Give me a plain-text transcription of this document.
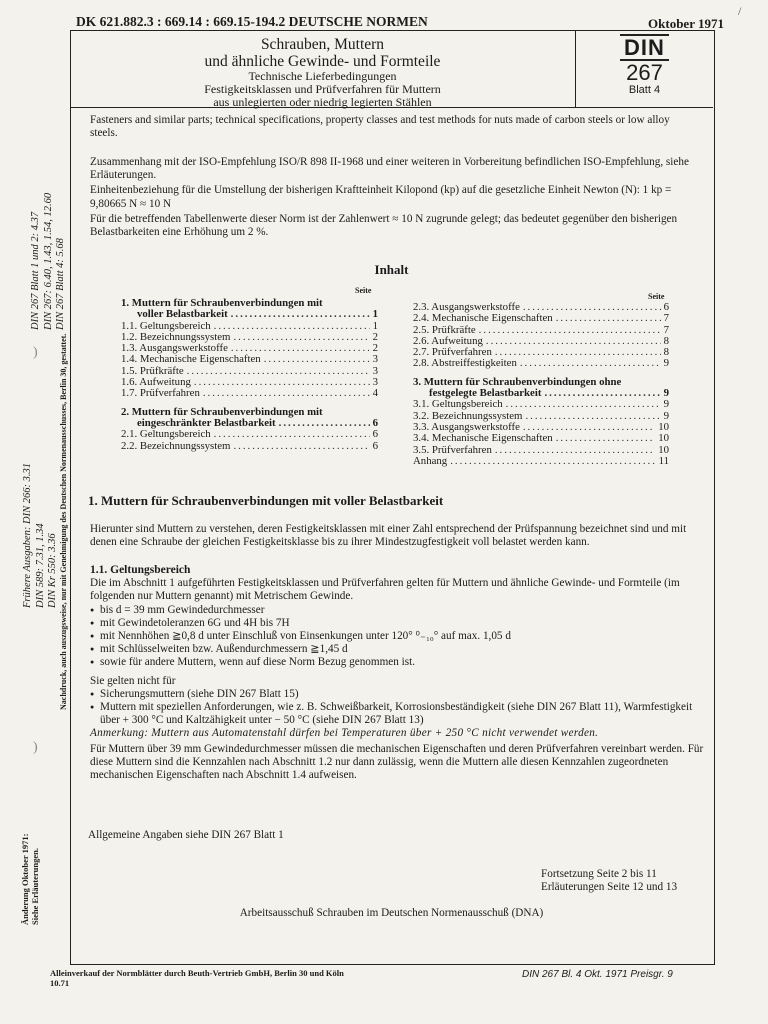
/
DK 621.882.3 : 669.14 : 669.15-194.2 DEUTSCHE NORMEN	Oktober 1971
Schrauben, Muttern
und ähnliche Gewinde- und Formteile
Technische Lieferbedingungen
Festigkeitsklassen und Prüfverfahren für Muttern
aus unlegierten oder niedrig legierten Stählen
DIN
267
Blatt 4
Fasteners and similar parts; technical specifications, property classes and test methods for nuts made of carbon steels or low alloy steels.

Zusammenhang mit der ISO-Empfehlung ISO/R 898 II-1968 und einer weiteren in Vorbereitung befindlichen ISO-Empfehlung, siehe Erläuterungen.

Einheitenbeziehung für die Umstellung der bisherigen Kraftteinheit Kilopond (kp) auf die gesetzliche Einheit Newton (N): 1 kp = 9,80665 N ≈ 10 N

Für die betreffenden Tabellenwerte dieser Norm ist der Zahlenwert ≈ 10 N zugrunde gelegt; das bedeutet gegenüber den bisherigen Belastbarkeiten eine Erhöhung um 2 %.

Inhalt
Seite
Seite
1. Muttern für Schraubenverbindungen mit
voller Belastbarkeit .....	1
1.1. Geltungsbereich .....	1
1.2. Bezeichnungssystem .....	2
1.3. Ausgangswerkstoffe .....	2
1.4. Mechanische Eigenschaften .....	3
1.5. Prüfkräfte .....	3
1.6. Aufweitung .....	3
1.7. Prüfverfahren .....	4
2. Muttern für Schraubenverbindungen mit
eingeschränkter Belastbarkeit .....	6
2.1. Geltungsbereich .....	6
2.2. Bezeichnungssystem .....	6
2.3. Ausgangswerkstoffe .....	6
2.4. Mechanische Eigenschaften .....	7
2.5. Prüfkräfte .....	7
2.6. Aufweitung .....	8
2.7. Prüfverfahren .....	8
2.8. Abstreiffestigkeiten .....	9
3. Muttern für Schraubenverbindungen ohne
festgelegte Belastbarkeit .....	9
3.1. Geltungsbereich .....	9
3.2. Bezeichnungssystem .....	9
3.3. Ausgangswerkstoffe .....	10
3.4. Mechanische Eigenschaften .....	10
3.5. Prüfverfahren .....	10
Anhang .....	11
1. Muttern für Schraubenverbindungen mit voller Belastbarkeit
Hierunter sind Muttern zu verstehen, deren Festigkeitsklassen mit einer Zahl entsprechend der Prüfspannung bezeichnet sind und mit denen eine Schraube der gleichen Festigkeitsklasse bis zu ihrer Mindestzugfestigkeit voll belastet werden kann.
1.1. Geltungsbereich
Die im Abschnitt 1 aufgeführten Festigkeitsklassen und Prüfverfahren gelten für Muttern und ähnliche Gewinde- und Formteile (im folgenden nur Muttern genannt) mit Metrischem Gewinde.
● bis d = 39 mm Gewindedurchmesser
● mit Gewindetoleranzen 6G und 4H bis 7H
● mit Nennhöhen ≧0,8 d unter Einschluß von Einsenkungen unter 120° ⁰₋₁₀° auf max. 1,05 d
● mit Schlüsselweiten bzw. Außendurchmessern ≧1,45 d
● sowie für andere Muttern, wenn auf diese Norm Bezug genommen ist.
Sie gelten nicht für
● Sicherungsmuttern (siehe DIN 267 Blatt 15)
● Muttern mit speziellen Anforderungen, wie z. B. Schweißbarkeit, Korrosionsbeständigkeit (siehe DIN 267 Blatt 11), Warmfestigkeit über + 300 °C und Kaltzähigkeit unter − 50 °C (siehe DIN 267 Blatt 13)
Anmerkung: Muttern aus Automatenstahl dürfen bei Temperaturen über + 250 °C nicht verwendet werden.
Für Muttern über 39 mm Gewindedurchmesser müssen die mechanischen Eigenschaften und deren Prüfverfahren vereinbart werden. Für diese Muttern sind die Kennzahlen nach Abschnitt 1.2 nur dann zulässig, wenn die Muttern alle diesen Kennzahlen zugeordneten mechanischen Eigenschaften nach Abschnitt 1.4 aufweisen.
Allgemeine Angaben siehe DIN 267 Blatt 1
Fortsetzung Seite 2 bis 11
Erläuterungen Seite 12 und 13
Arbeitsausschuß Schrauben im Deutschen Normenausschuß (DNA)
Alleinverkauf der Normblätter durch Beuth-Vertrieb GmbH, Berlin 30 und Köln
10.71
DIN 267 Bl. 4 Okt. 1971 Preisgr. 9
DIN 267 Blatt 1 und 2: 4.37 DIN 267: 6.40, 1.43, 1.54, 12.60 DIN 267 Blatt 4: 5.68
Frühere Ausgaben: DIN 266: 3.31 DIN 589: 7.31, 1.34 DIN Kr 550: 3.36 Nachdruck, auch auszugsweise, nur mit Genehmigung des Deutschen Normenausschusses, Berlin 30, gestattet.
Änderung Oktober 1971: Siehe Erläuterungen.
)
)
